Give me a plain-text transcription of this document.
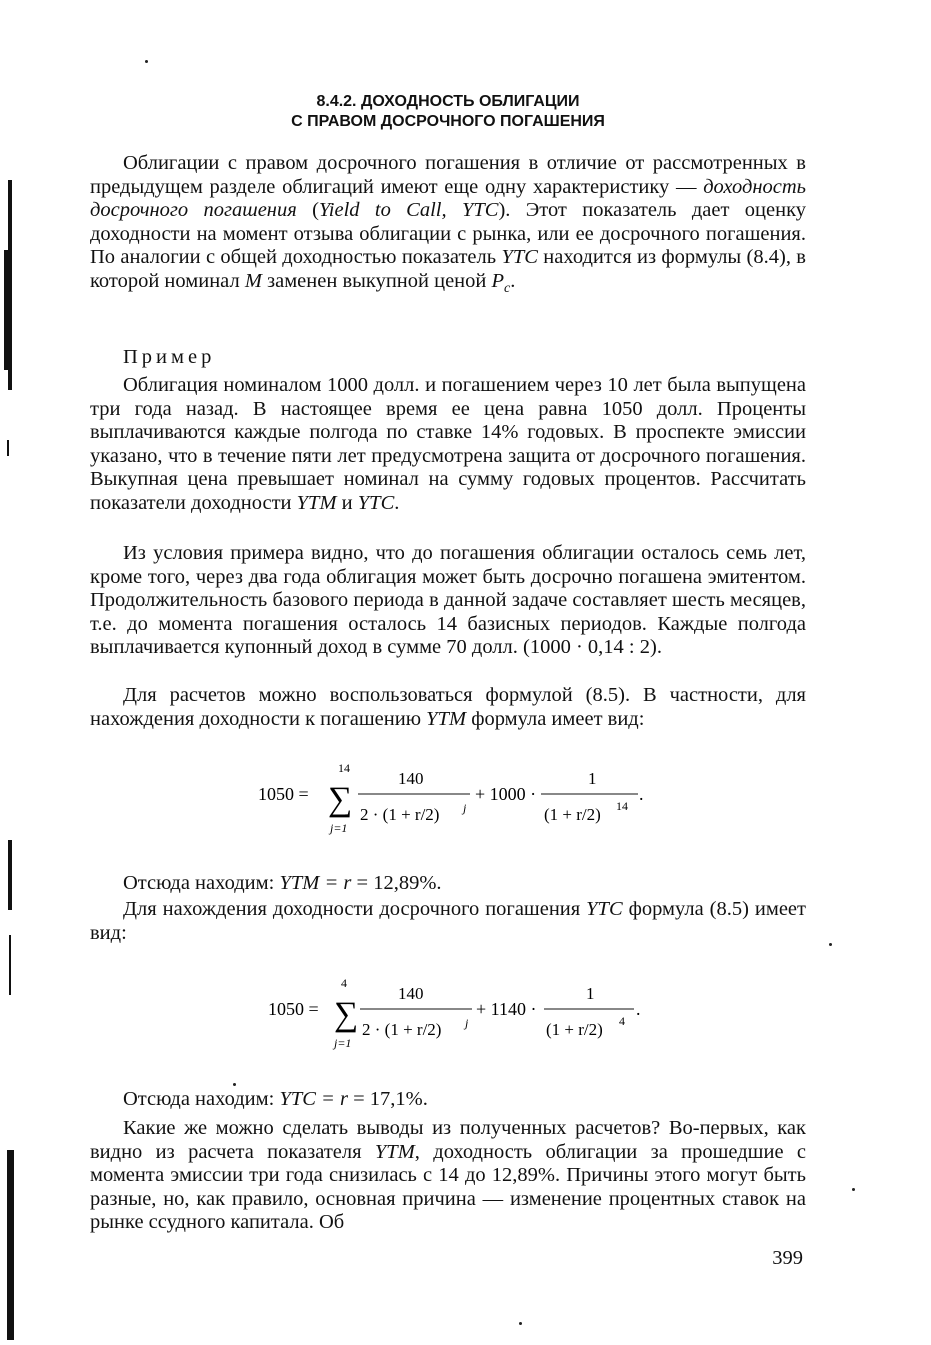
8.4.2. ДОХОДНОСТЬ ОБЛИГАЦИИ
С ПРАВОМ ДОСРОЧНОГО ПОГАШЕНИЯ

Облигации с правом досрочного погашения в отличие от рассмотренных в предыдущем разделе облигаций имеют еще одну характеристику — доходность досрочного погашения (Yield to Call, YTC). Этот показатель дает оценку доходности на момент отзыва облигации с рынка, или ее досрочного погашения. По аналогии с общей доходностью показатель YTC находится из формулы (8.4), в которой номинал M заменен выкупной ценой $P_c$.

Пример

Облигация номиналом 1000 долл. и погашением через 10 лет была выпущена три года назад. В настоящее время ее цена равна 1050 долл. Проценты выплачиваются каждые полгода по ставке 14% годовых. В проспекте эмиссии указано, что в течение пяти лет предусмотрена защита от досрочного погашения. Выкупная цена превышает номинал на сумму годовых процентов. Рассчитать показатели доходности YTM и YTC.

Из условия примера видно, что до погашения облигации осталось семь лет, кроме того, через два года облигация может быть досрочно погашена эмитентом. Продолжительность базового периода в данной задаче составляет шесть месяцев, т.е. до момента погашения осталось 14 базисных периодов. Каждые полгода выплачивается купонный доход в сумме 70 долл. (1000 · 0,14 : 2).

Для расчетов можно воспользоваться формулой (8.5). В частности, для нахождения доходности к погашению YTM формула имеет вид:

1050 =
14
∑
j=1
140
2 · (1 + r/2) j
+ 1000 ·
1
(1 + r/2) 14
.
Отсюда находим: YTM = r = 12,89%.

Для нахождения доходности досрочного погашения YTC формула (8.5) имеет вид:

1050 =
4
∑
j=1
140
2 · (1 + r/2) j
+ 1140 ·
1
(1 + r/2) 4
.
Отсюда находим: YTC = r = 17,1%.

Какие же можно сделать выводы из полученных расчетов? Во-первых, как видно из расчета показателя YTM, доходность облигации за прошедшие с момента эмиссии три года снизилась с 14 до 12,89%. Причины этого могут быть разные, но, как правило, основная причина — изменение процентных ставок на рынке ссудного капитала. Об

399
